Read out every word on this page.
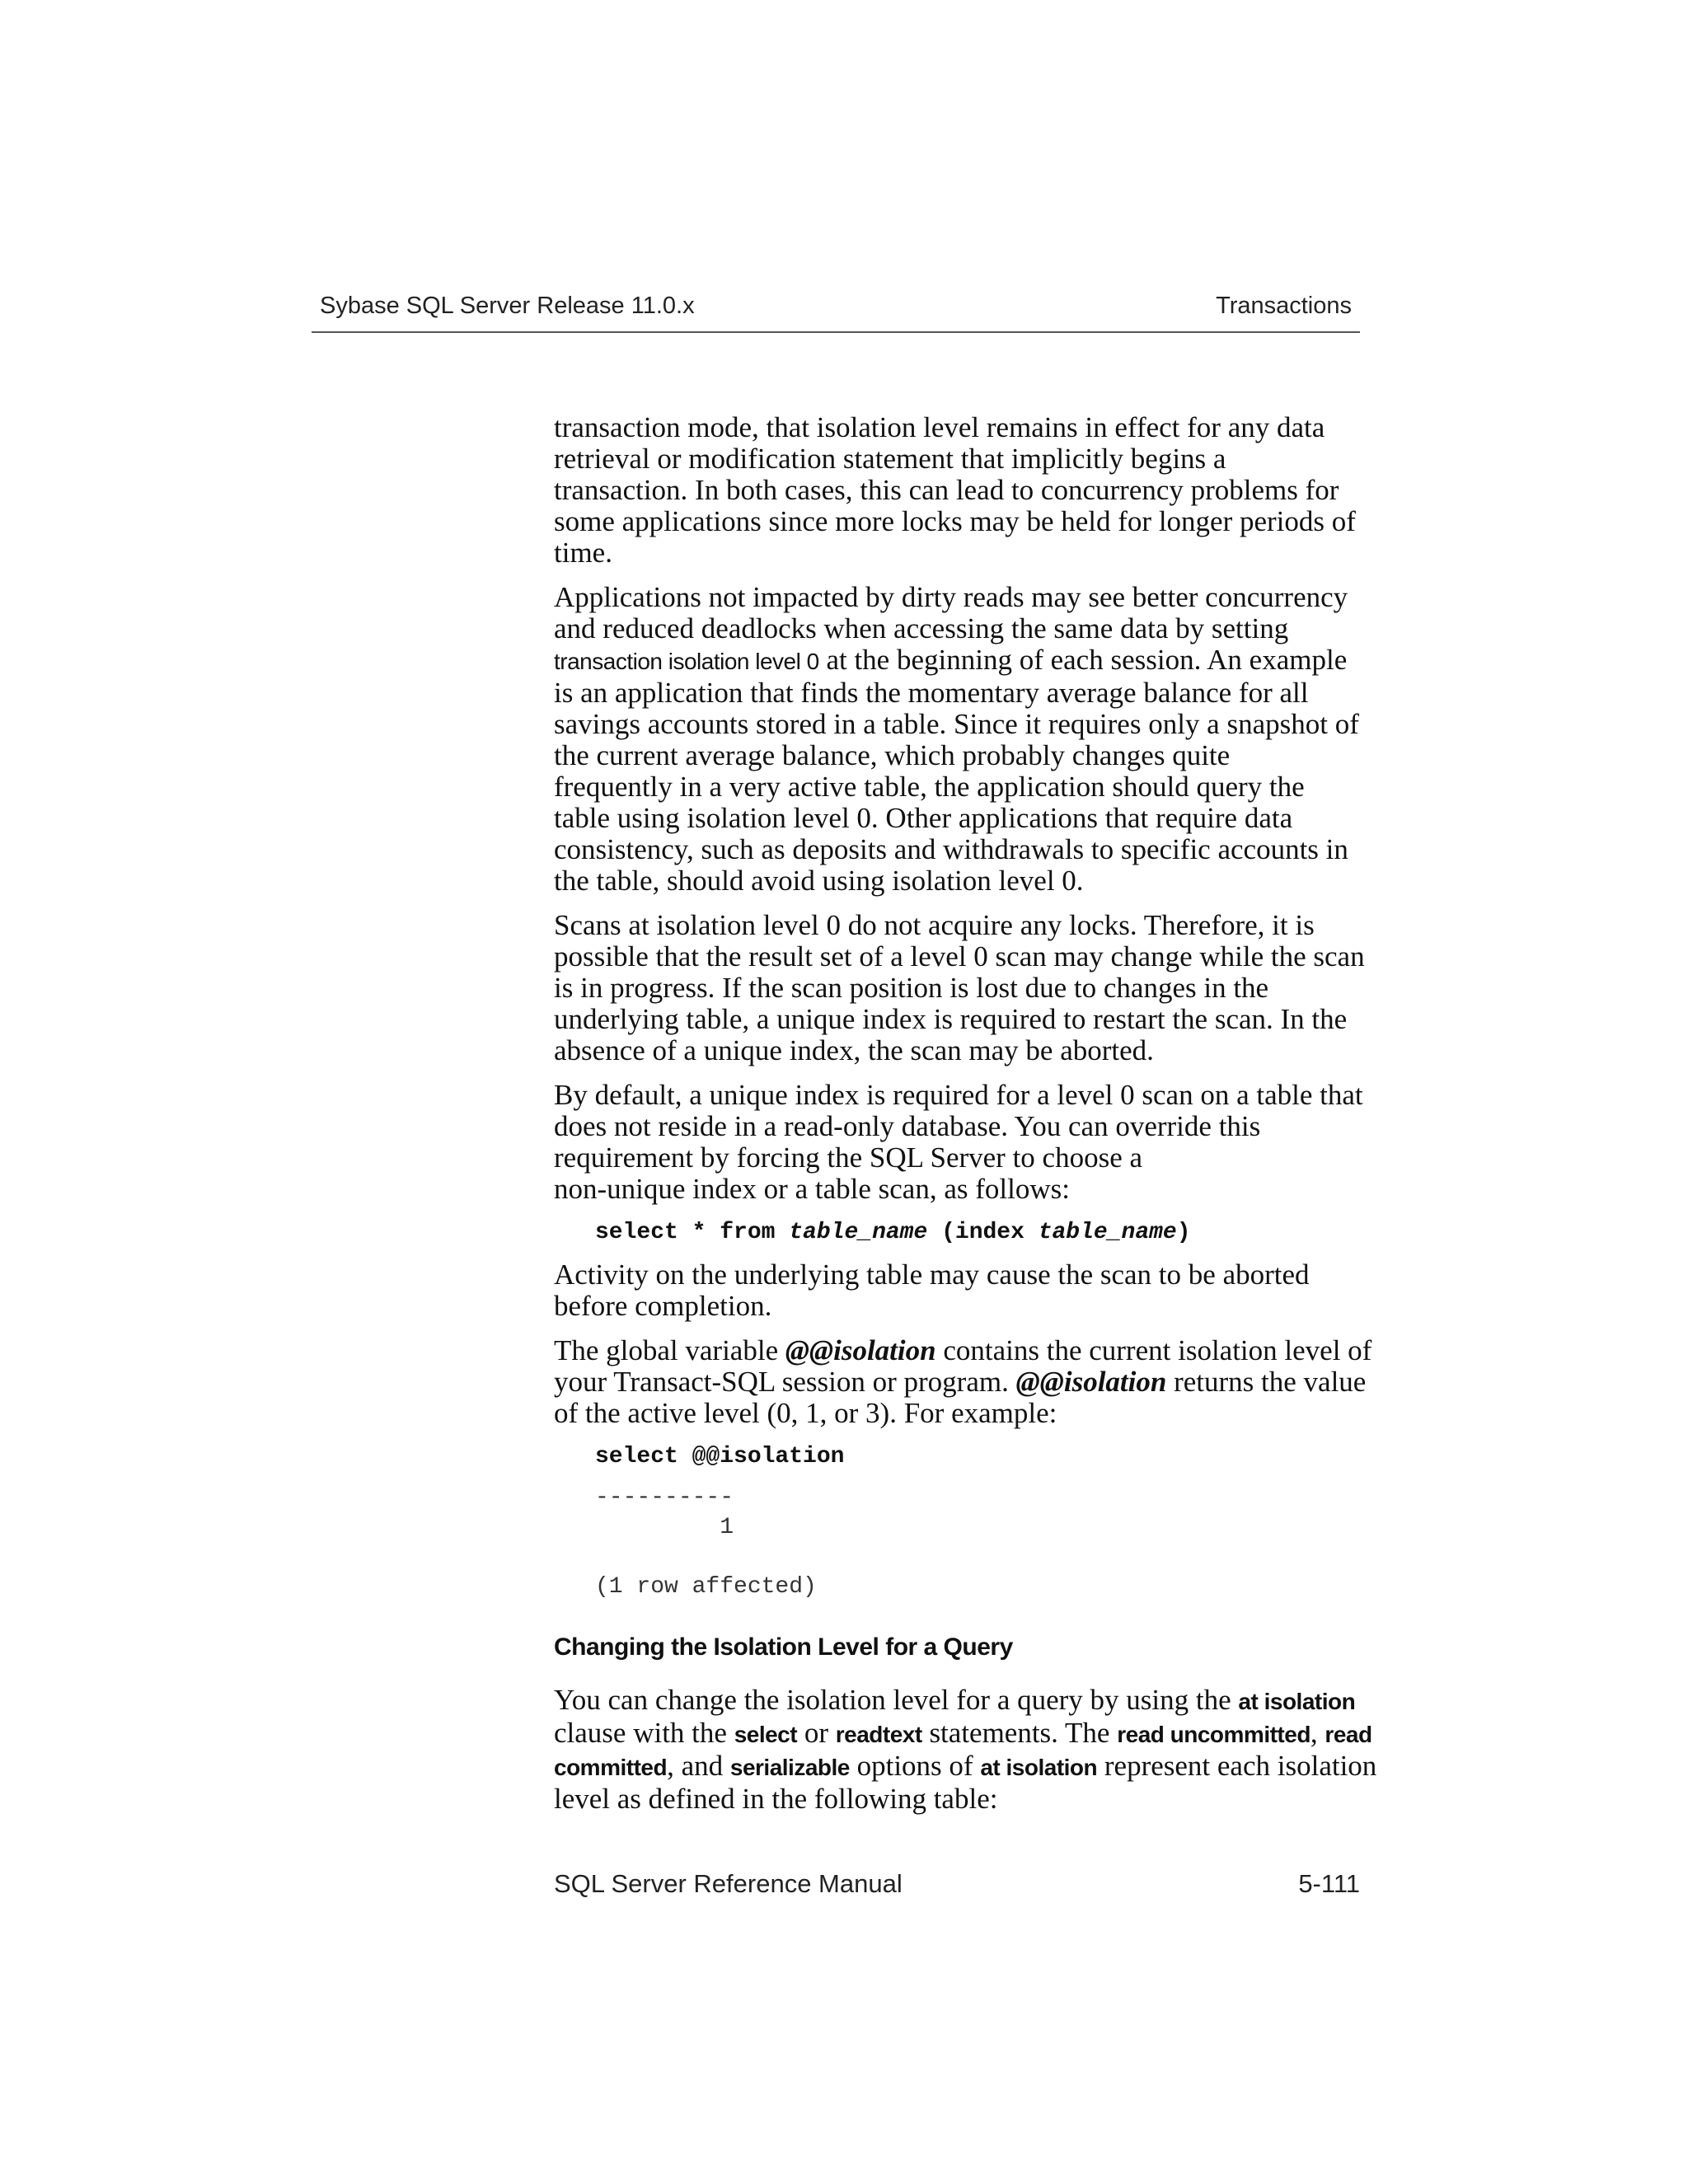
Sybase SQL Server Release 11.0.x	Transactions

transaction mode, that isolation level remains in effect for any data
retrieval or modification statement that implicitly begins a
transaction. In both cases, this can lead to concurrency problems for
some applications since more locks may be held for longer periods of
time.

Applications not impacted by dirty reads may see better concurrency
and reduced deadlocks when accessing the same data by setting
transaction isolation level 0 at the beginning of each session. An example
is an application that finds the momentary average balance for all
savings accounts stored in a table. Since it requires only a snapshot of
the current average balance, which probably changes quite
frequently in a very active table, the application should query the
table using isolation level 0. Other applications that require data
consistency, such as deposits and withdrawals to specific accounts in
the table, should avoid using isolation level 0.

Scans at isolation level 0 do not acquire any locks. Therefore, it is
possible that the result set of a level 0 scan may change while the scan
is in progress. If the scan position is lost due to changes in the
underlying table, a unique index is required to restart the scan. In the
absence of a unique index, the scan may be aborted.

By default, a unique index is required for a level 0 scan on a table that
does not reside in a read-only database. You can override this
requirement by forcing the SQL Server to choose a
non-unique index or a table scan, as follows:

select * from table_name (index table_name)

Activity on the underlying table may cause the scan to be aborted
before completion.

The global variable @@isolation contains the current isolation level of
your Transact-SQL session or program. @@isolation returns the value
of the active level (0, 1, or 3). For example:

select @@isolation
----------
1
(1 row affected)
Changing the Isolation Level for a Query

You can change the isolation level for a query by using the at isolation
clause with the select or readtext statements. The read uncommitted, read
committed, and serializable options of at isolation represent each isolation
level as defined in the following table:

SQL Server Reference Manual	5-111
